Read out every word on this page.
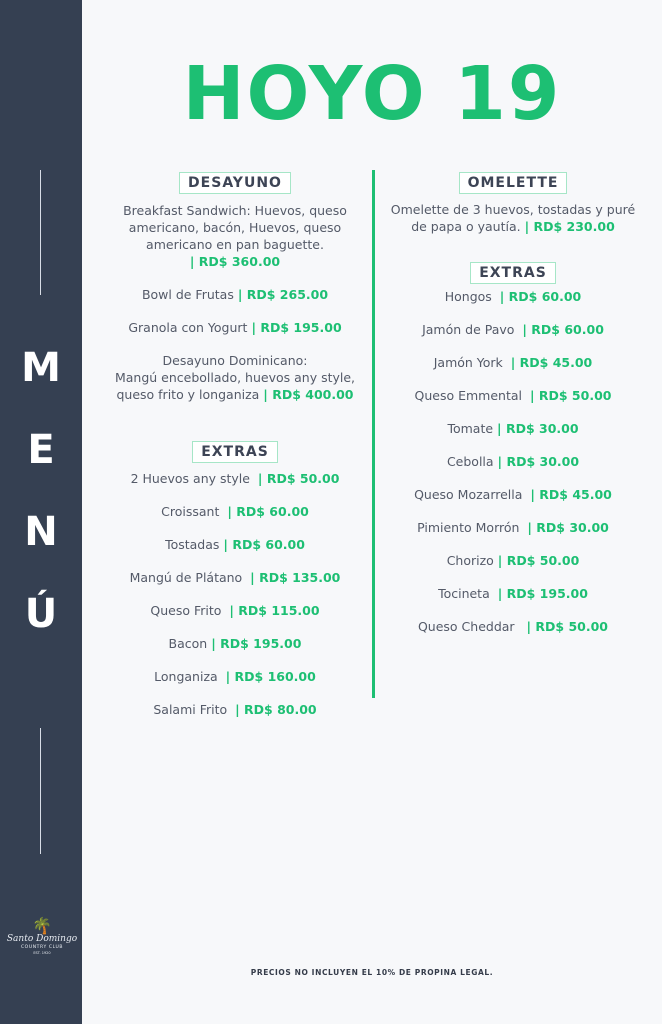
M
E
N
Ú
🌴
Santo Domingo
COUNTRY CLUB
EST. 1920
HOYO 19
DESAYUNO
Breakfast Sandwich: Huevos, queso
americano, bacón, Huevos, queso
americano en pan baguette. | RD$ 360.00
Bowl de Frutas | RD$ 265.00
Granola con Yogurt | RD$ 195.00
Desayuno Dominicano:
Mangú encebollado, huevos any style,
queso frito y longaniza | RD$ 400.00
EXTRAS
2 Huevos any style | RD$ 50.00
Croissant | RD$ 60.00
Tostadas | RD$ 60.00
Mangú de Plátano | RD$ 135.00
Queso Frito | RD$ 115.00
Bacon | RD$ 195.00
Longaniza | RD$ 160.00
Salami Frito | RD$ 80.00
OMELETTE
Omelette de 3 huevos, tostadas y puré
de papa o yautía. | RD$ 230.00
EXTRAS
Hongos | RD$ 60.00
Jamón de Pavo | RD$ 60.00
Jamón York | RD$ 45.00
Queso Emmental | RD$ 50.00
Tomate | RD$ 30.00
Cebolla | RD$ 30.00
Queso Mozarrella | RD$ 45.00
Pimiento Morrón | RD$ 30.00
Chorizo | RD$ 50.00
Tocineta | RD$ 195.00
Queso Cheddar | RD$ 50.00
PRECIOS NO INCLUYEN EL 10% DE PROPINA LEGAL.
